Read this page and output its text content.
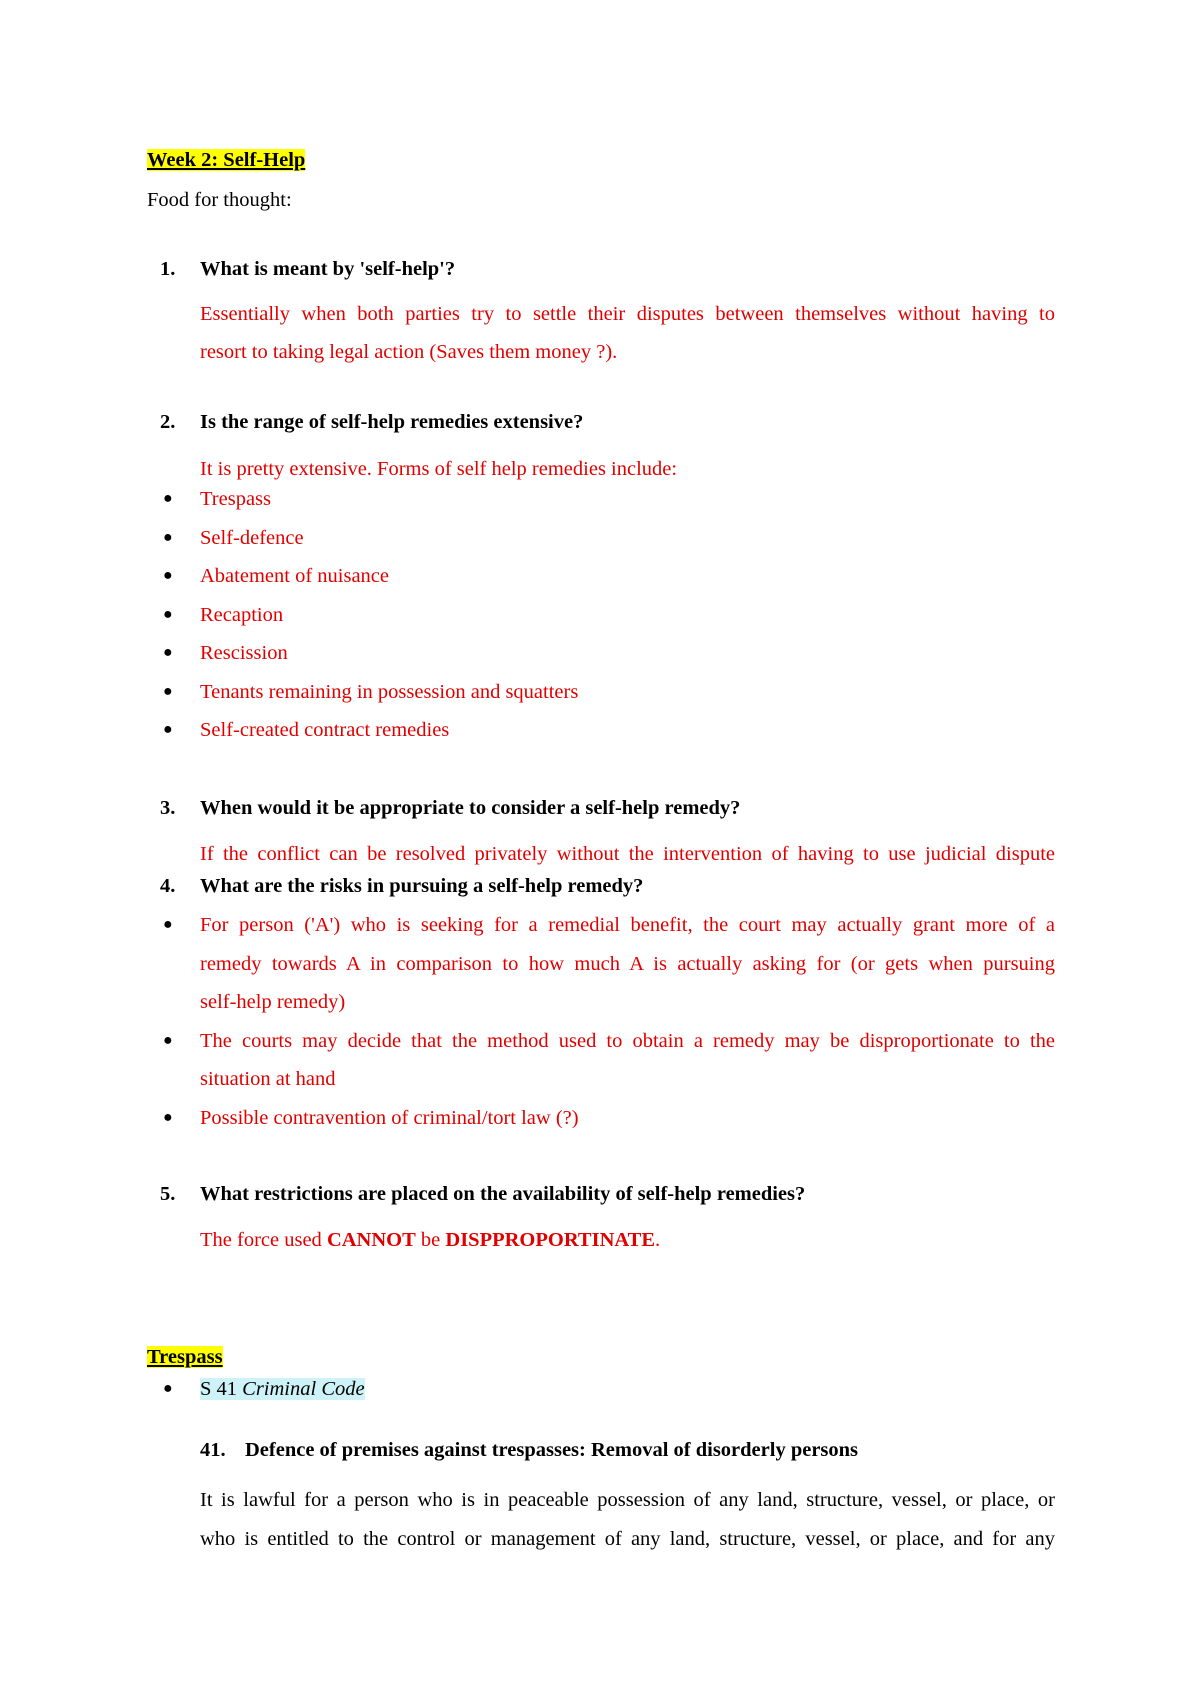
Week 2: Self-Help
Food for thought:
1. What is meant by 'self-help'?
Essentially when both parties try to settle their disputes between themselves without having to
resort to taking legal action (Saves them money ?).
2. Is the range of self-help remedies extensive?
It is pretty extensive. Forms of self help remedies include:
● Trespass
● Self-defence
● Abatement of nuisance
● Recaption
● Rescission
● Tenants remaining in possession and squatters
● Self-created contract remedies
3. When would it be appropriate to consider a self-help remedy?
If the conflict can be resolved privately without the intervention of having to use judicial dispute
4. What are the risks in pursuing a self-help remedy?
● For person ('A') who is seeking for a remedial benefit, the court may actually grant more of a
remedy towards A in comparison to how much A is actually asking for (or gets when pursuing
self-help remedy)
● The courts may decide that the method used to obtain a remedy may be disproportionate to the
situation at hand
● Possible contravention of criminal/tort law (?)
5. What restrictions are placed on the availability of self-help remedies?
The force used CANNOT be DISPPROPORTINATE.
Trespass
● S 41 Criminal Code
41. Defence of premises against trespasses: Removal of disorderly persons
It is lawful for a person who is in peaceable possession of any land, structure, vessel, or place, or
who is entitled to the control or management of any land, structure, vessel, or place, and for any
